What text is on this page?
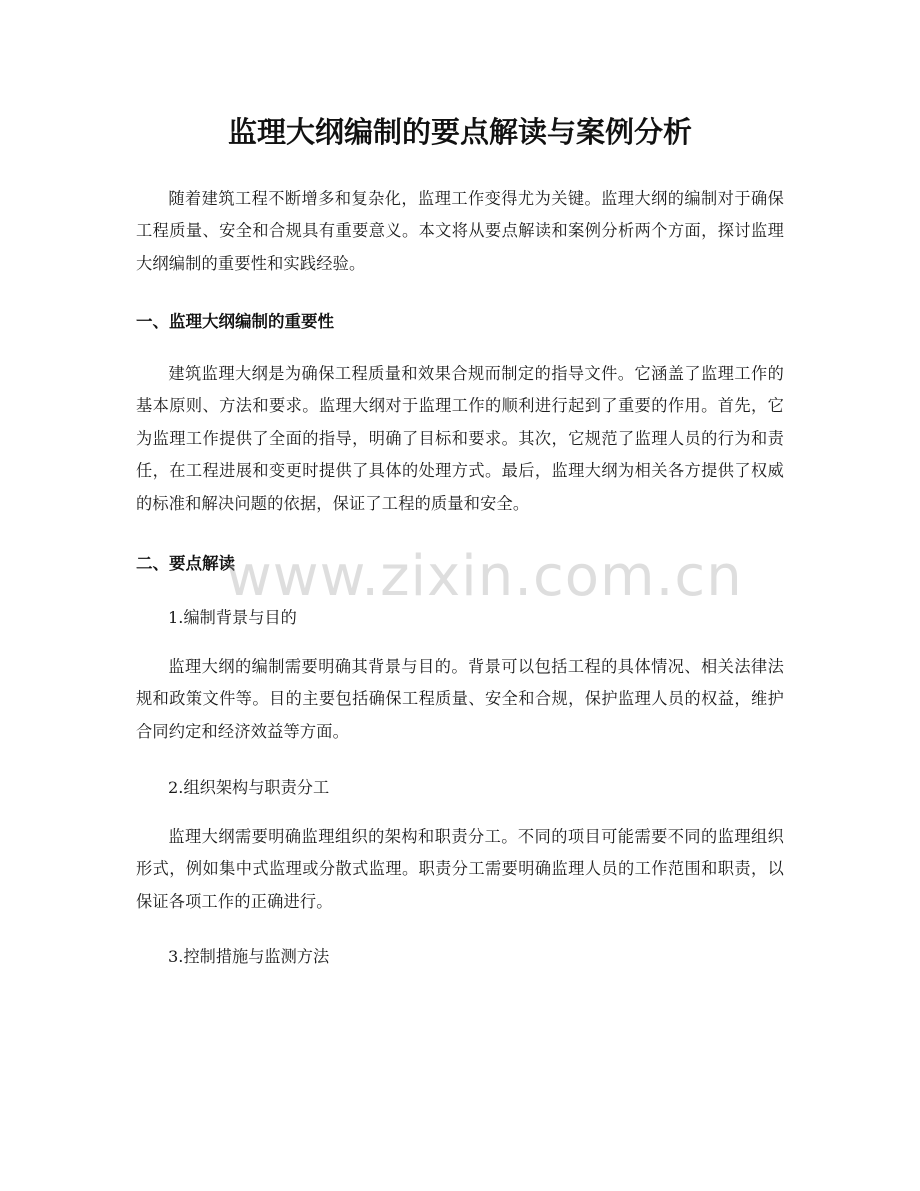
监理大纲编制的要点解读与案例分析

随着建筑工程不断增多和复杂化，监理工作变得尤为关键。监理大纲的编制对于确保工程质量、安全和合规具有重要意义。本文将从要点解读和案例分析两个方面，探讨监理大纲编制的重要性和实践经验。

一、监理大纲编制的重要性

建筑监理大纲是为确保工程质量和效果合规而制定的指导文件。它涵盖了监理工作的基本原则、方法和要求。监理大纲对于监理工作的顺利进行起到了重要的作用。首先，它为监理工作提供了全面的指导，明确了目标和要求。其次，它规范了监理人员的行为和责任，在工程进展和变更时提供了具体的处理方式。最后，监理大纲为相关各方提供了权威的标准和解决问题的依据，保证了工程的质量和安全。

二、要点解读

1.编制背景与目的

监理大纲的编制需要明确其背景与目的。背景可以包括工程的具体情况、相关法律法规和政策文件等。目的主要包括确保工程质量、安全和合规，保护监理人员的权益，维护合同约定和经济效益等方面。

2.组织架构与职责分工

监理大纲需要明确监理组织的架构和职责分工。不同的项目可能需要不同的监理组织形式，例如集中式监理或分散式监理。职责分工需要明确监理人员的工作范围和职责，以保证各项工作的正确进行。

3.控制措施与监测方法

www.zixin.com.cn
